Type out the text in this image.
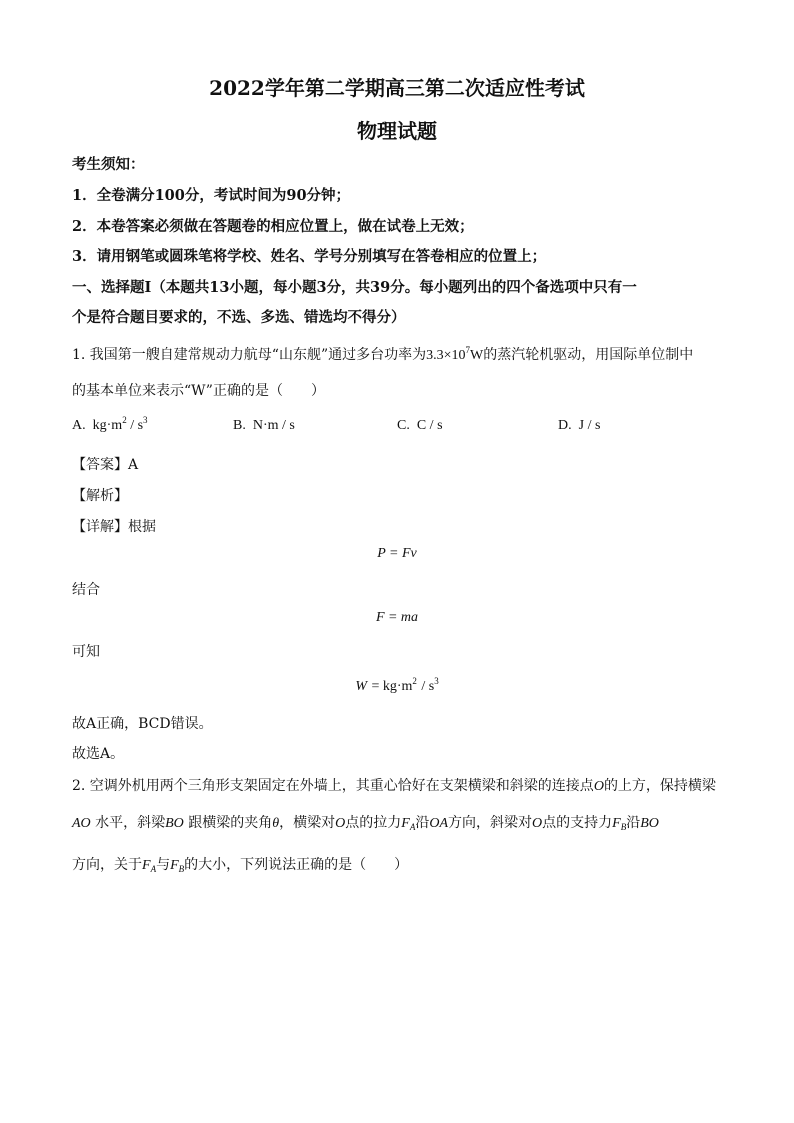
2022学年第二学期高三第二次适应性考试
物理试题
考生须知：
1．全卷满分100分，考试时间为90分钟；
2．本卷答案必须做在答题卷的相应位置上，做在试卷上无效；
3．请用钢笔或圆珠笔将学校、姓名、学号分别填写在答卷相应的位置上；
一、选择题Ⅰ（本题共13小题，每小题3分，共39分。每小题列出的四个备选项中只有一
个是符合题目要求的，不选、多选、错选均不得分）
1. 我国第一艘自建常规动力航母“山东舰”通过多台功率为$3.3\times 10^7W$的蒸汽轮机驱动，用国际单位制中
的基本单位来表示“W”正确的是（　　）
A. $kg\cdot m^2 / s^3$	B. N·m / s	C. C / s	D. J / s
【答案】A
【解析】
【详解】根据
P = Fv
结合
F = ma
可知
$W = kg\cdot m^2 / s^3$
故A正确，BCD错误。
故选A。
2. 空调外机用两个三角形支架固定在外墙上，其重心恰好在支架横梁和斜梁的连接点O的上方，保持横梁
AO 水平，斜梁BO 跟横梁的夹角θ，横梁对O点的拉力$F_A$沿OA方向，斜梁对O点的支持力$F_B$沿BO
方向，关于$F_A$与$F_B$的大小，下列说法正确的是（　　）
